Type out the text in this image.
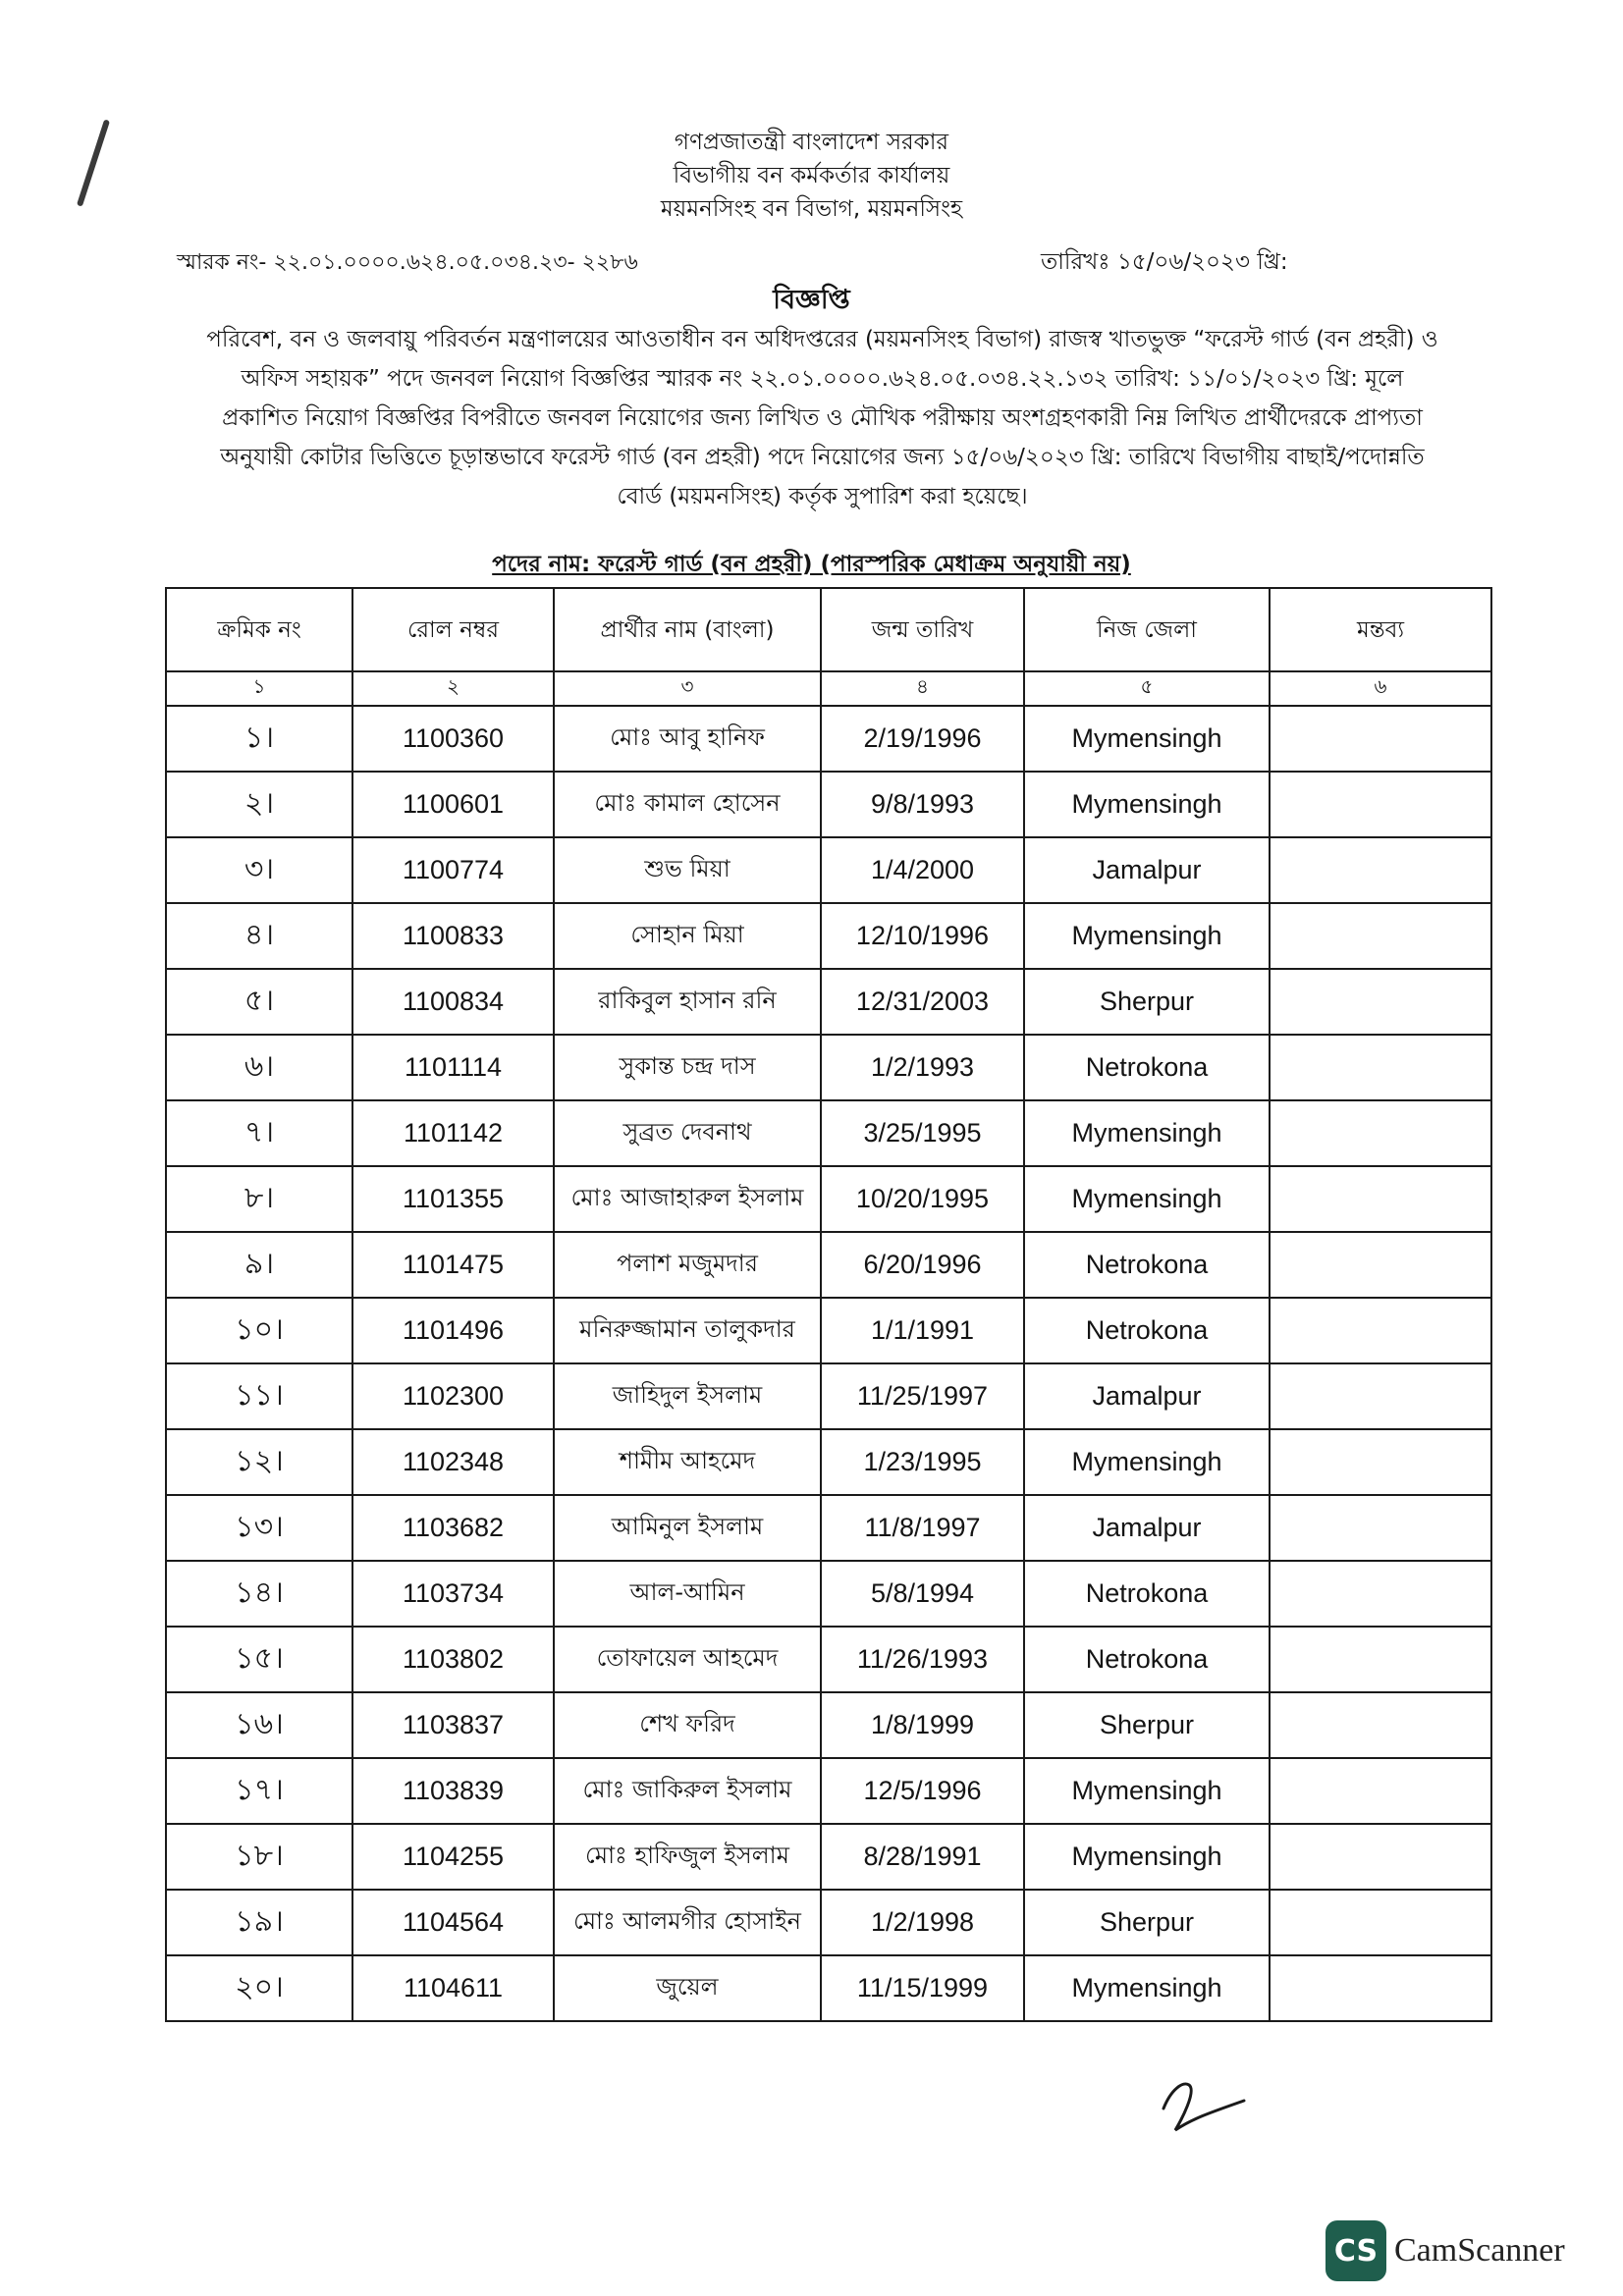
গণপ্রজাতন্ত্রী বাংলাদেশ সরকার
বিভাগীয় বন কর্মকর্তার কার্যালয়
ময়মনসিংহ বন বিভাগ, ময়মনসিংহ
স্মারক নং- ২২.০১.০০০০.৬২৪.০৫.০৩৪.২৩- ২২৮৬	তারিখঃ ১৫/০৬/২০২৩ খ্রি:
বিজ্ঞপ্তি
পরিবেশ, বন ও জলবায়ু পরিবর্তন মন্ত্রণালয়ের আওতাধীন বন অধিদপ্তরের (ময়মনসিংহ বিভাগ) রাজস্ব খাতভুক্ত “ফরেস্ট গার্ড (বন প্রহরী) ও অফিস সহায়ক” পদে জনবল নিয়োগ বিজ্ঞপ্তির স্মারক নং ২২.০১.০০০০.৬২৪.০৫.০৩৪.২২.১৩২ তারিখ: ১১/০১/২০২৩ খ্রি: মূলে প্রকাশিত নিয়োগ বিজ্ঞপ্তির বিপরীতে জনবল নিয়োগের জন্য লিখিত ও মৌখিক পরীক্ষায় অংশগ্রহণকারী নিম্ন লিখিত প্রার্থীদেরকে প্রাপ্যতা অনুযায়ী কোটার ভিত্তিতে চূড়ান্তভাবে ফরেস্ট গার্ড (বন প্রহরী) পদে নিয়োগের জন্য ১৫/০৬/২০২৩ খ্রি: তারিখে বিভাগীয় বাছাই/পদোন্নতি বোর্ড (ময়মনসিংহ) কর্তৃক সুপারিশ করা হয়েছে।
পদের নাম: ফরেস্ট গার্ড (বন প্রহরী) (পারস্পরিক মেধাক্রম অনুযায়ী নয়)
ক্রমিক নং	রোল নম্বর	প্রার্থীর নাম (বাংলা)	জন্ম তারিখ	নিজ জেলা	মন্তব্য
১	২	৩	৪	৫	৬
১।	1100360	মোঃ আবু হানিফ	2/19/1996	Mymensingh	
২।	1100601	মোঃ কামাল হোসেন	9/8/1993	Mymensingh	
৩।	1100774	শুভ মিয়া	1/4/2000	Jamalpur	
৪।	1100833	সোহান মিয়া	12/10/1996	Mymensingh	
৫।	1100834	রাকিবুল হাসান রনি	12/31/2003	Sherpur	
৬।	1101114	সুকান্ত চন্দ্র দাস	1/2/1993	Netrokona	
৭।	1101142	সুব্রত দেবনাথ	3/25/1995	Mymensingh	
৮।	1101355	মোঃ আজাহারুল ইসলাম	10/20/1995	Mymensingh	
৯।	1101475	পলাশ মজুমদার	6/20/1996	Netrokona	
১০।	1101496	মনিরুজ্জামান তালুকদার	1/1/1991	Netrokona	
১১।	1102300	জাহিদুল ইসলাম	11/25/1997	Jamalpur	
১২।	1102348	শামীম আহমেদ	1/23/1995	Mymensingh	
১৩।	1103682	আমিনুল ইসলাম	11/8/1997	Jamalpur	
১৪।	1103734	আল-আমিন	5/8/1994	Netrokona	
১৫।	1103802	তোফায়েল আহমেদ	11/26/1993	Netrokona	
১৬।	1103837	শেখ ফরিদ	1/8/1999	Sherpur	
১৭।	1103839	মোঃ জাকিরুল ইসলাম	12/5/1996	Mymensingh	
১৮।	1104255	মোঃ হাফিজুল ইসলাম	8/28/1991	Mymensingh	
১৯।	1104564	মোঃ আলমগীর হোসাইন	1/2/1998	Sherpur	
২০।	1104611	জুয়েল	11/15/1999	Mymensingh	
CS CamScanner
